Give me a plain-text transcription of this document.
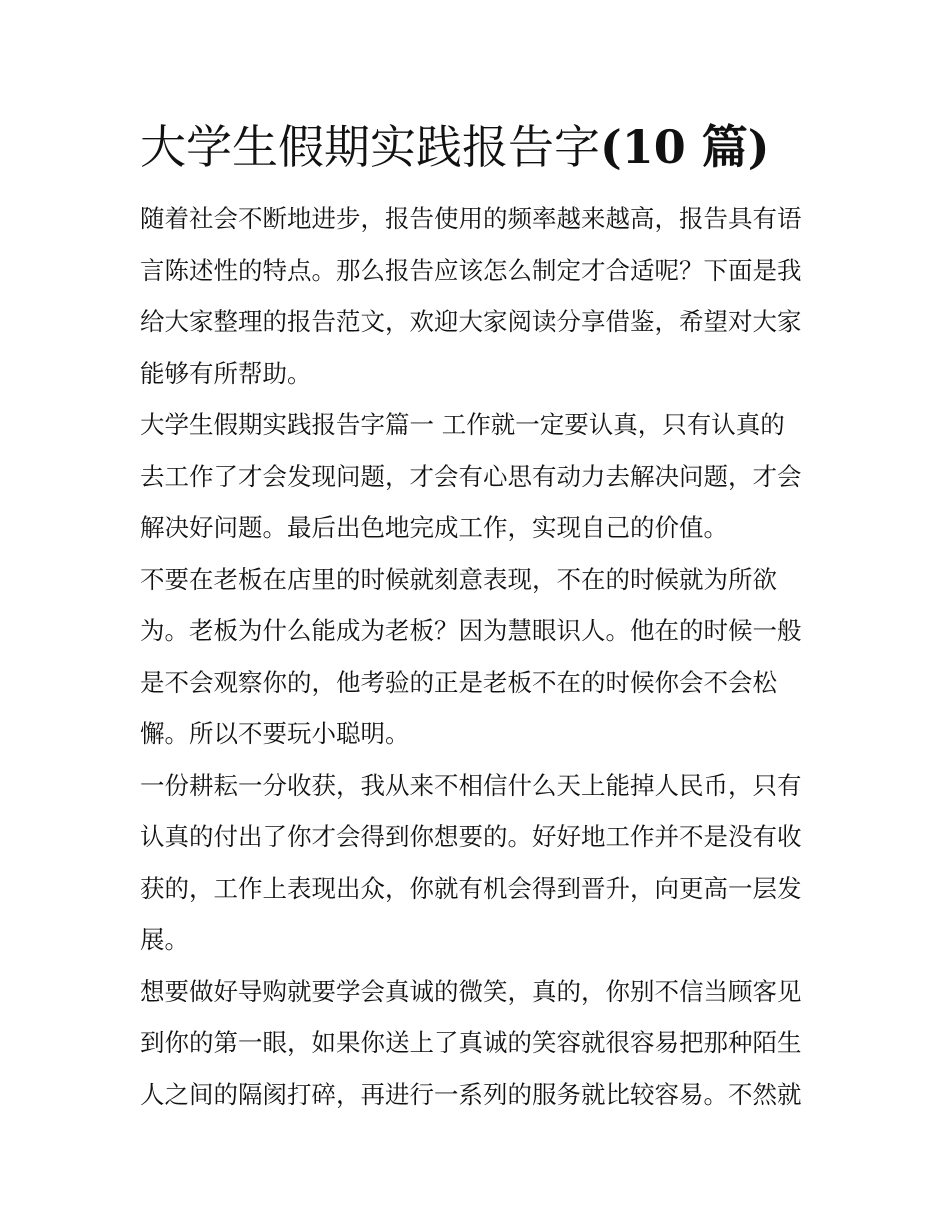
大学生假期实践报告字(10 篇)
随着社会不断地进步，报告使用的频率越来越高，报告具有语
言陈述性的特点。那么报告应该怎么制定才合适呢？下面是我
给大家整理的报告范文，欢迎大家阅读分享借鉴，希望对大家
能够有所帮助。
大学生假期实践报告字篇一 工作就一定要认真，只有认真的
去工作了才会发现问题，才会有心思有动力去解决问题，才会
解决好问题。最后出色地完成工作，实现自己的价值。
不要在老板在店里的时候就刻意表现，不在的时候就为所欲
为。老板为什么能成为老板？因为慧眼识人。他在的时候一般
是不会观察你的，他考验的正是老板不在的时候你会不会松
懈。所以不要玩小聪明。
一份耕耘一分收获，我从来不相信什么天上能掉人民币，只有
认真的付出了你才会得到你想要的。好好地工作并不是没有收
获的，工作上表现出众，你就有机会得到晋升，向更高一层发
展。
想要做好导购就要学会真诚的微笑，真的，你别不信当顾客见
到你的第一眼，如果你送上了真诚的笑容就很容易把那种陌生
人之间的隔阂打碎，再进行一系列的服务就比较容易。不然就
